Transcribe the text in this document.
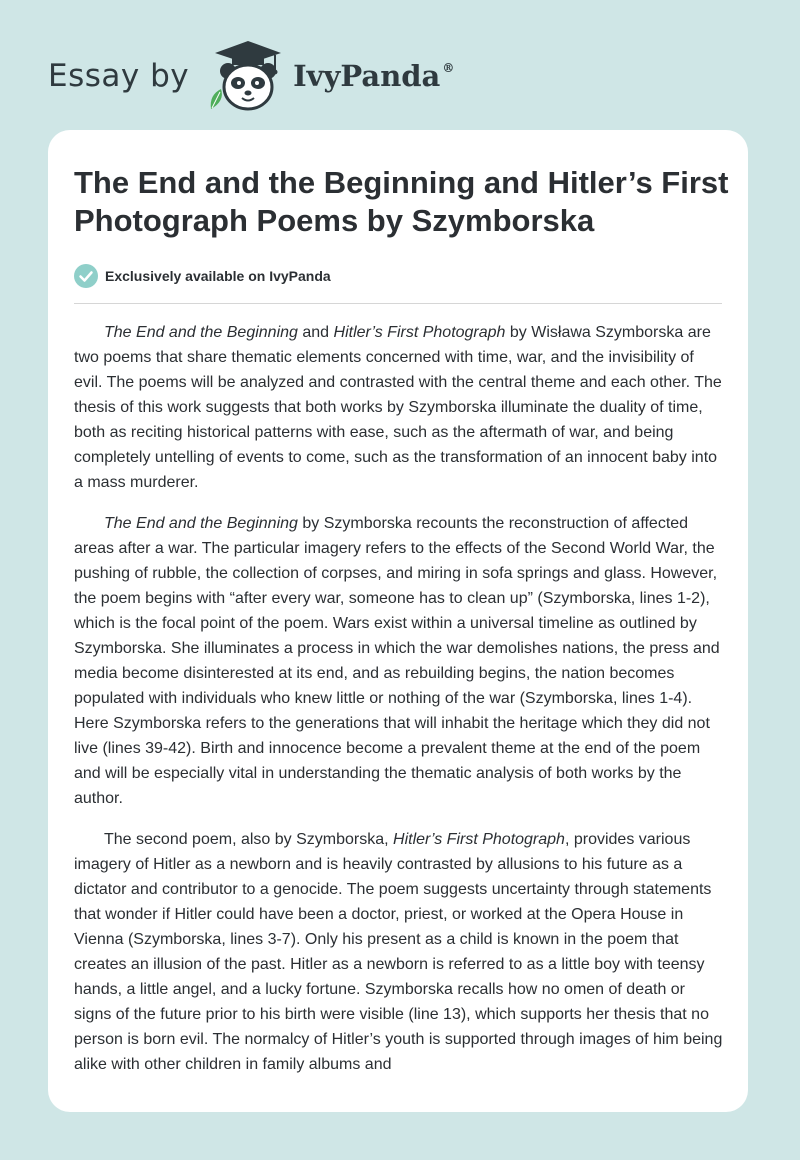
Essay by	IvyPanda ®
The End and the Beginning and Hitler’s First Photograph Poems by Szymborska
Exclusively available on IvyPanda

The End and the Beginning and Hitler’s First Photograph by Wisława Szymborska are two poems that share thematic elements concerned with time, war, and the invisibility of evil. The poems will be analyzed and contrasted with the central theme and each other. The thesis of this work suggests that both works by Szymborska illuminate the duality of time, both as reciting historical patterns with ease, such as the aftermath of war, and being completely untelling of events to come, such as the transformation of an innocent baby into a mass murderer.

The End and the Beginning by Szymborska recounts the reconstruction of affected areas after a war. The particular imagery refers to the effects of the Second World War, the pushing of rubble, the collection of corpses, and miring in sofa springs and glass. However, the poem begins with “after every war, someone has to clean up” (Szymborska, lines 1-2), which is the focal point of the poem. Wars exist within a universal timeline as outlined by Szymborska. She illuminates a process in which the war demolishes nations, the press and media become disinterested at its end, and as rebuilding begins, the nation becomes populated with individuals who knew little or nothing of the war (Szymborska, lines 1-4). Here Szymborska refers to the generations that will inhabit the heritage which they did not live (lines 39-42). Birth and innocence become a prevalent theme at the end of the poem and will be especially vital in understanding the thematic analysis of both works by the author.

The second poem, also by Szymborska, Hitler’s First Photograph, provides various imagery of Hitler as a newborn and is heavily contrasted by allusions to his future as a dictator and contributor to a genocide. The poem suggests uncertainty through statements that wonder if Hitler could have been a doctor, priest, or worked at the Opera House in Vienna (Szymborska, lines 3-7). Only his present as a child is known in the poem that creates an illusion of the past. Hitler as a newborn is referred to as a little boy with teensy hands, a little angel, and a lucky fortune. Szymborska recalls how no omen of death or signs of the future prior to his birth were visible (line 13), which supports her thesis that no person is born evil. The normalcy of Hitler’s youth is supported through images of him being alike with other children in family albums and
